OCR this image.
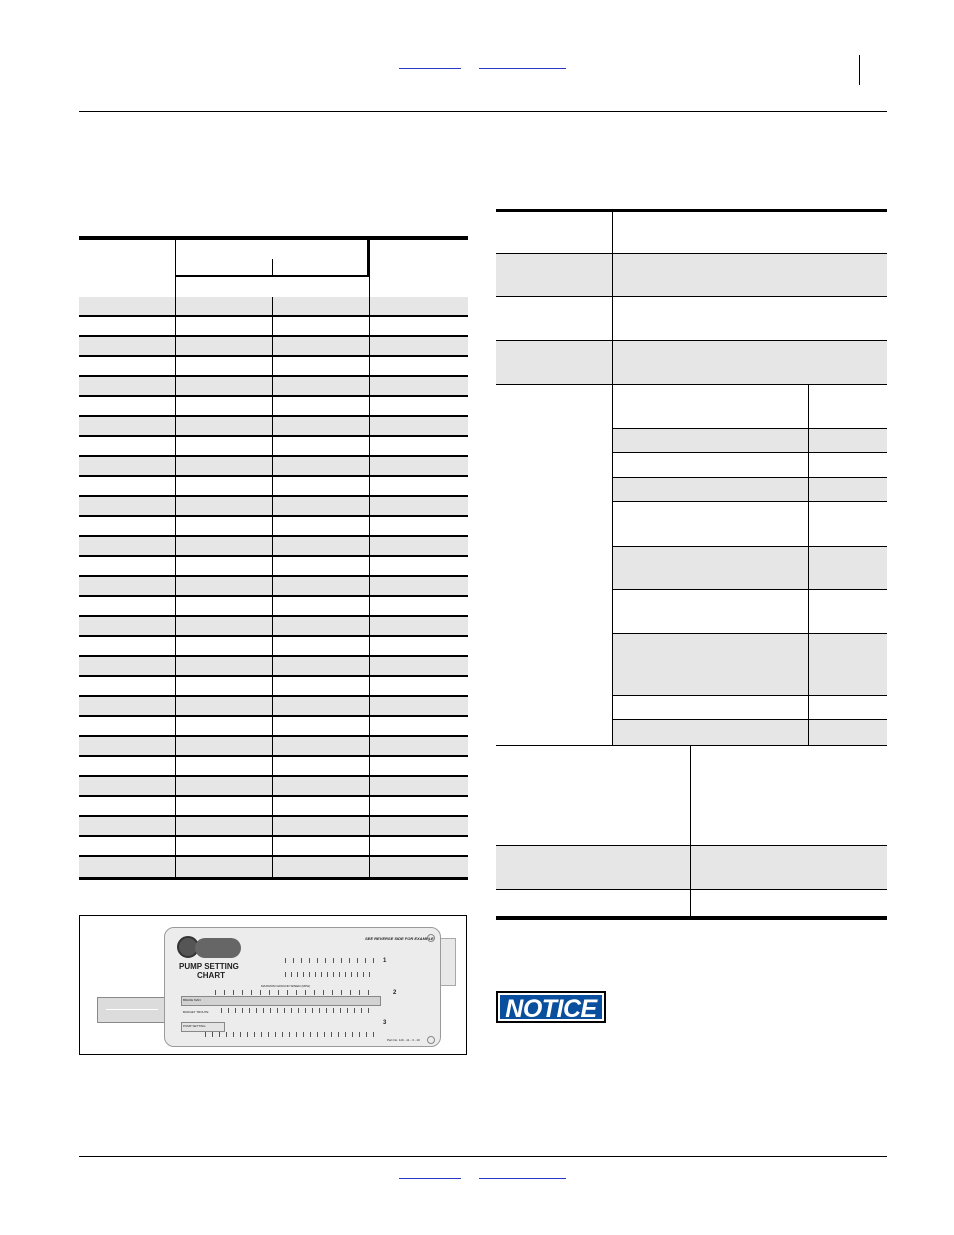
PUMP SETTING
CHART
SEE REVERSE SIDE FOR EXAMPLE
MAXIMUM GROUND SPEED (MPH)
BRAKE MAN
BUDGET TROUTE
PUMP SETTING
1
2
3
Part No. 116 - 11 - 3 - 10
NOTICE
